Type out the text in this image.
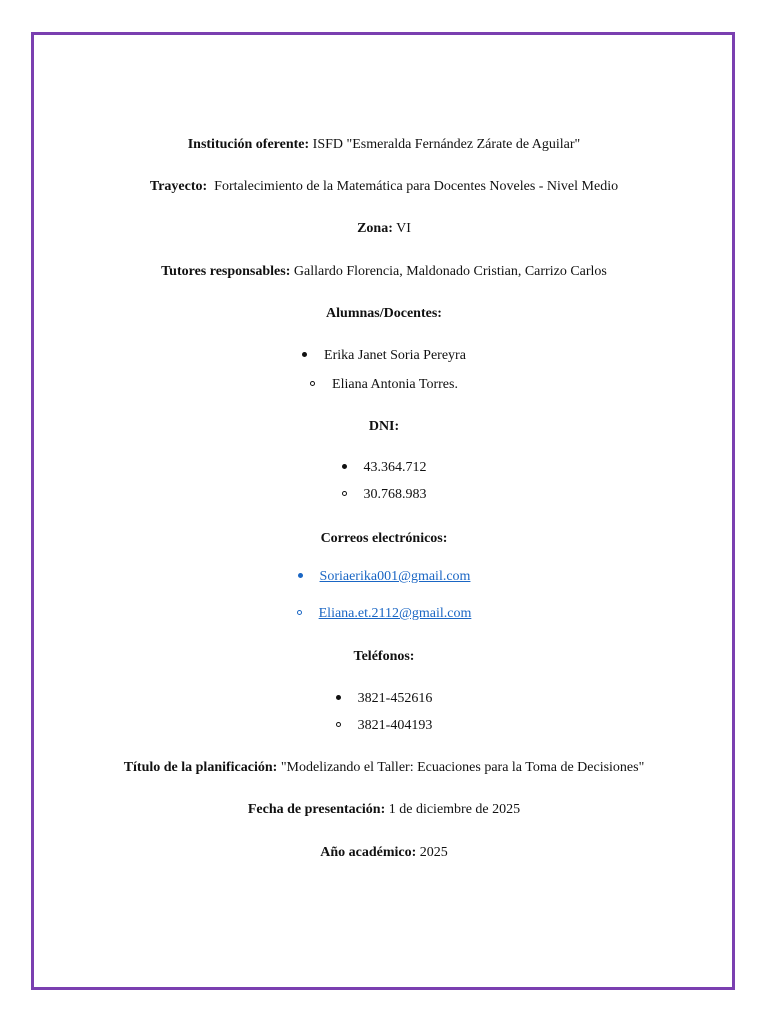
Institución oferente: ISFD "Esmeralda Fernández Zárate de Aguilar"
Trayecto:  Fortalecimiento de la Matemática para Docentes Noveles - Nivel Medio
Zona: VI
Tutores responsables: Gallardo Florencia, Maldonado Cristian, Carrizo Carlos
Alumnas/Docentes:
Erika Janet Soria Pereyra
Eliana Antonia Torres.
DNI:
43.364.712
30.768.983
Correos electrónicos:
Soriaerika001@gmail.com
Eliana.et.2112@gmail.com
Teléfonos:
3821-452616
3821-404193
Título de la planificación: "Modelizando el Taller: Ecuaciones para la Toma de Decisiones"
Fecha de presentación: 1 de diciembre de 2025
Año académico: 2025
